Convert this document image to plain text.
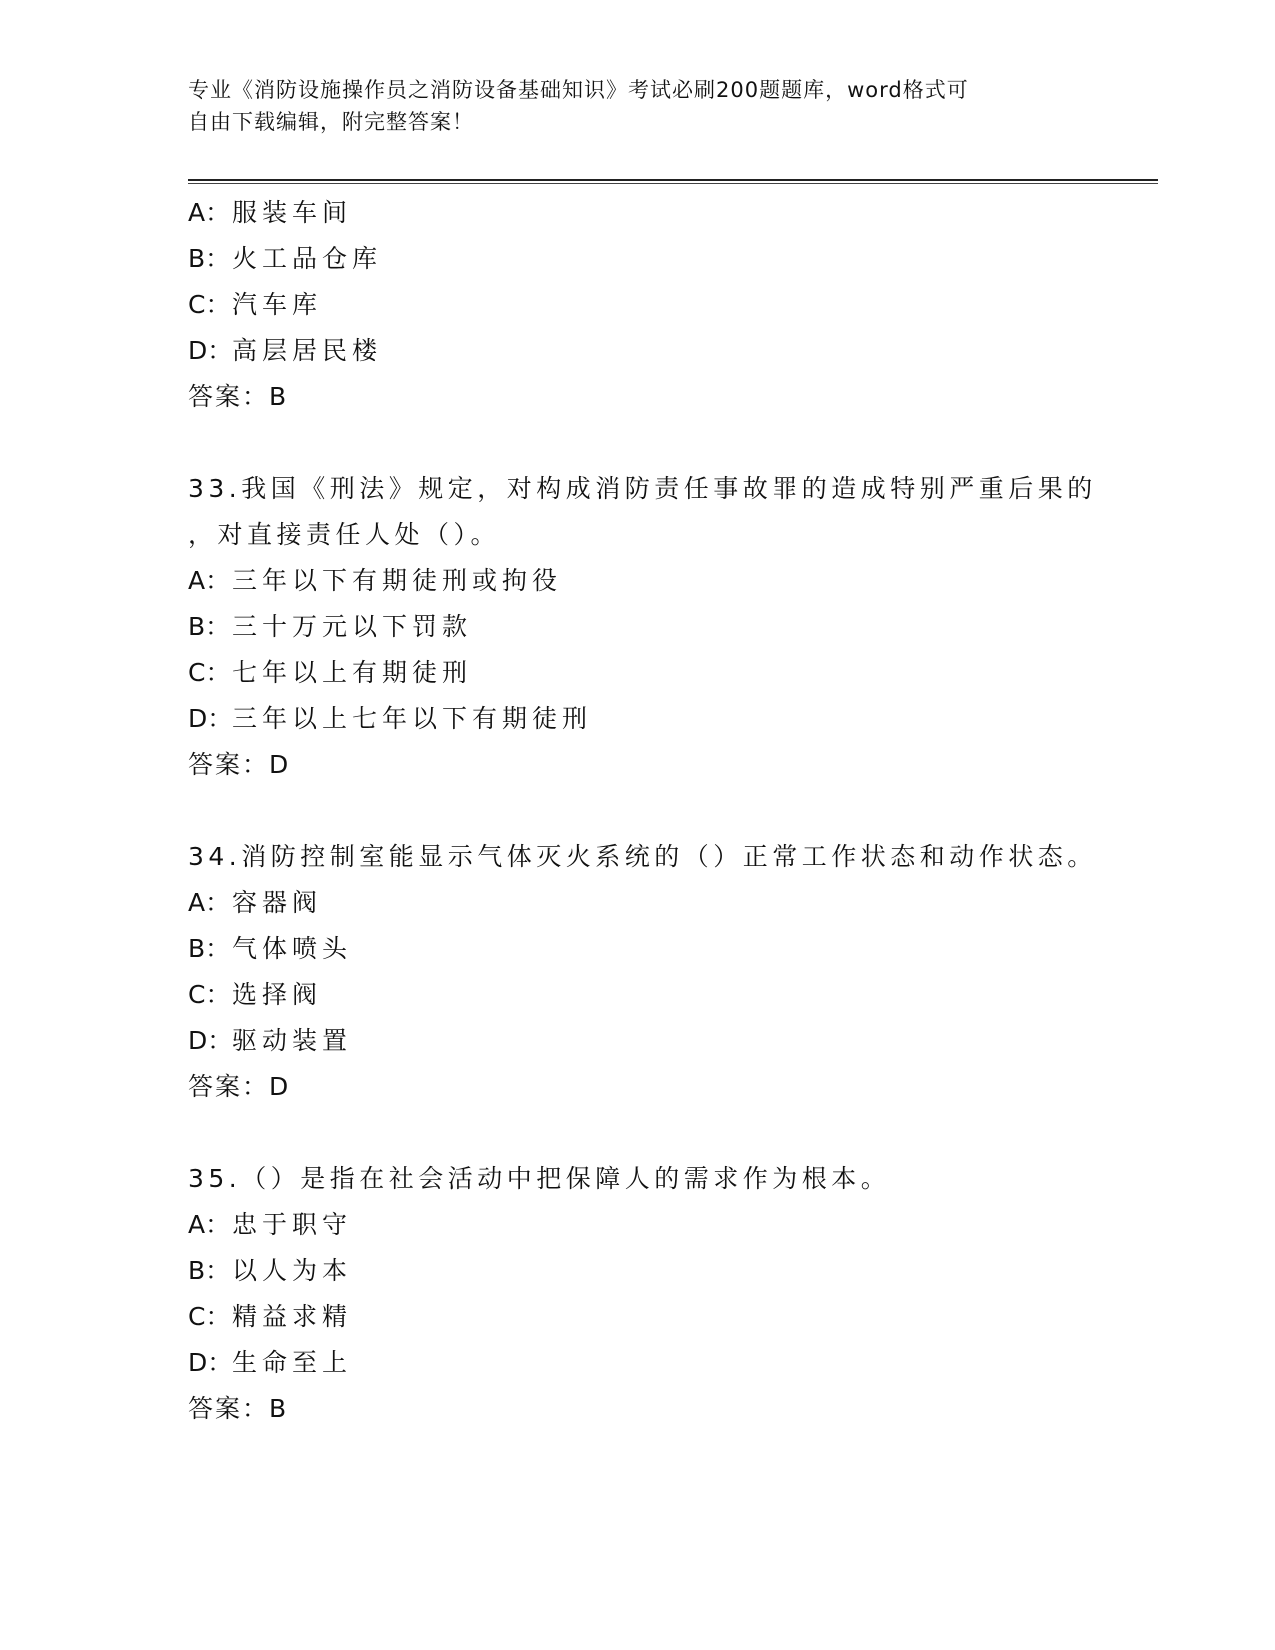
专业《消防设施操作员之消防设备基础知识》考试必刷200题题库，word格式可
自由下载编辑，附完整答案！
A：服装车间
B：火工品仓库
C：汽车库
D：高层居民楼
答案：B
33.我国《刑法》规定，对构成消防责任事故罪的造成特别严重后果的
，对直接责任人处（）。
A：三年以下有期徒刑或拘役
B：三十万元以下罚款
C：七年以上有期徒刑
D：三年以上七年以下有期徒刑
答案：D
34.消防控制室能显示气体灭火系统的（）正常工作状态和动作状态。
A：容器阀
B：气体喷头
C：选择阀
D：驱动装置
答案：D
35.（）是指在社会活动中把保障人的需求作为根本。
A：忠于职守
B：以人为本
C：精益求精
D：生命至上
答案：B
